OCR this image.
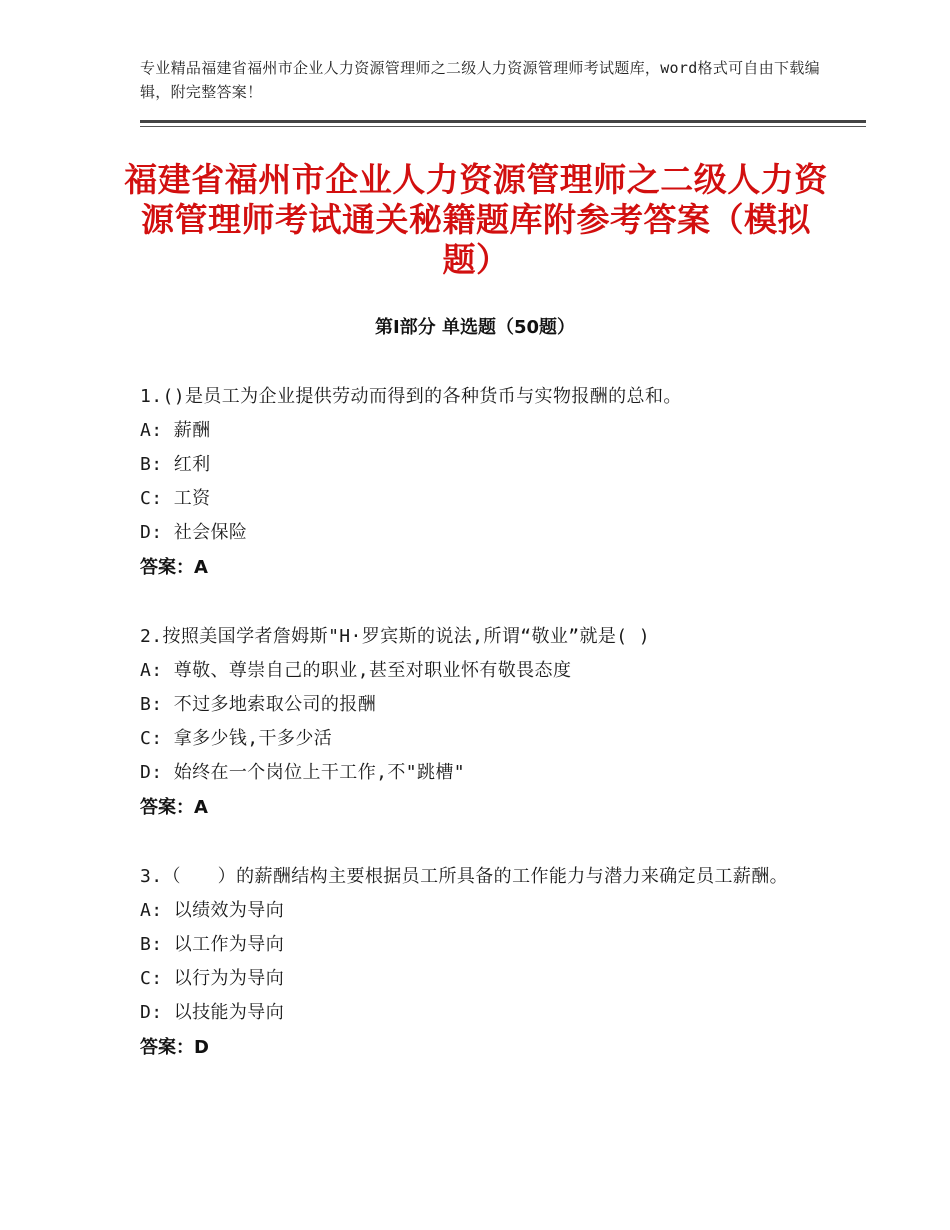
专业精品福建省福州市企业人力资源管理师之二级人力资源管理师考试题库，word格式可自由下载编辑，附完整答案！
福建省福州市企业人力资源管理师之二级人力资源管理师考试通关秘籍题库附参考答案（模拟题）
第Ⅰ部分 单选题（50题）
1.()是员工为企业提供劳动而得到的各种货币与实物报酬的总和。
A: 薪酬
B: 红利
C: 工资
D: 社会保险
答案：A
2.按照美国学者詹姆斯"H·罗宾斯的说法,所谓“敬业”就是( )
A: 尊敬、尊崇自己的职业,甚至对职业怀有敬畏态度
B: 不过多地索取公司的报酬
C: 拿多少钱,干多少活
D: 始终在一个岗位上干工作,不"跳槽"
答案：A
3.（　　）的薪酬结构主要根据员工所具备的工作能力与潜力来确定员工薪酬。
A: 以绩效为导向
B: 以工作为导向
C: 以行为为导向
D: 以技能为导向
答案：D
